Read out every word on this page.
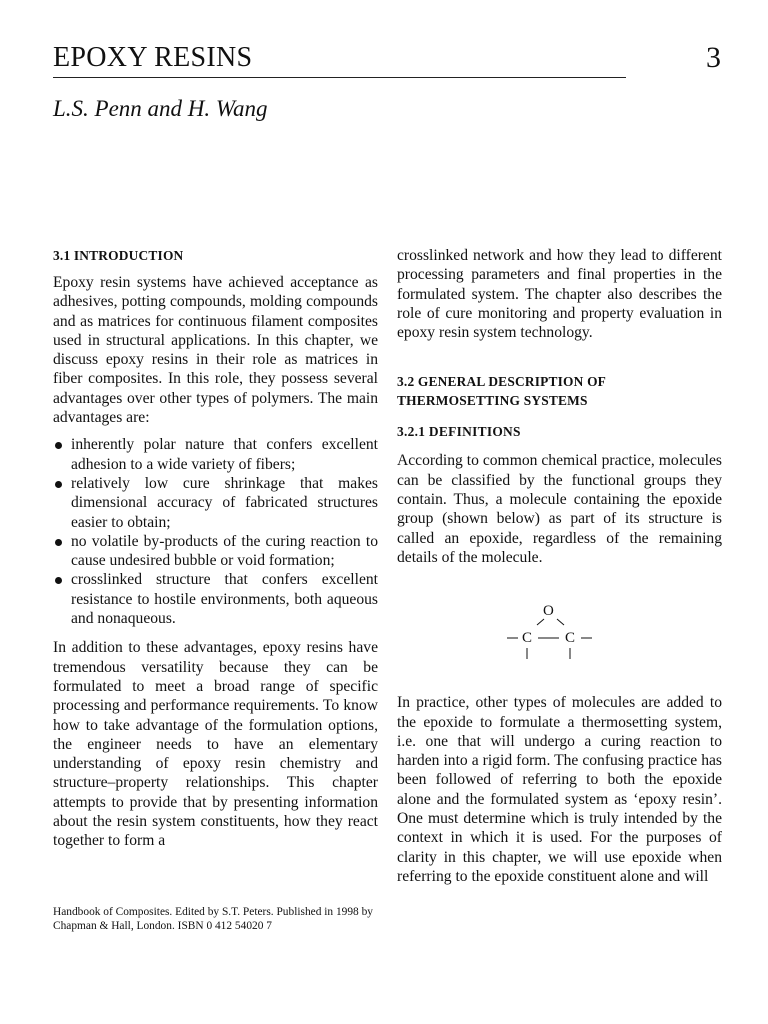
EPOXY RESINS	3
L.S. Penn and H. Wang
3.1 INTRODUCTION

Epoxy resin systems have achieved acceptance as adhesives, potting compounds, molding compounds and as matrices for continuous filament composites used in structural applications. In this chapter, we discuss epoxy resins in their role as matrices in fiber composites. In this role, they possess several advantages over other types of polymers. The main advantages are:

inherently polar nature that confers excellent adhesion to a wide variety of fibers;
relatively low cure shrinkage that makes dimensional accuracy of fabricated structures easier to obtain;
no volatile by-products of the curing reaction to cause undesired bubble or void formation;
crosslinked structure that confers excellent resistance to hostile environments, both aqueous and nonaqueous.

In addition to these advantages, epoxy resins have tremendous versatility because they can be formulated to meet a broad range of specific processing and performance requirements. To know how to take advantage of the formulation options, the engineer needs to have an elementary understanding of epoxy resin chemistry and structure–property relationships. This chapter attempts to provide that by presenting information about the resin system constituents, how they react together to form a

Handbook of Composites. Edited by S.T. Peters. Published in 1998 by Chapman & Hall, London. ISBN 0 412 54020 7

crosslinked network and how they lead to different processing parameters and final properties in the formulated system. The chapter also describes the role of cure monitoring and property evaluation in epoxy resin system technology.

3.2 GENERAL DESCRIPTION OF THERMOSETTING SYSTEMS
3.2.1 DEFINITIONS

According to common chemical practice, molecules can be classified by the functional groups they contain. Thus, a molecule containing the epoxide group (shown below) as part of its structure is called an epoxide, regardless of the remaining details of the molecule.

O
C C

In practice, other types of molecules are added to the epoxide to formulate a thermosetting system, i.e. one that will undergo a curing reaction to harden into a rigid form. The confusing practice has been followed of referring to both the epoxide alone and the formulated system as ‘epoxy resin’. One must determine which is truly intended by the context in which it is used. For the purposes of clarity in this chapter, we will use epoxide when referring to the epoxide constituent alone and will
